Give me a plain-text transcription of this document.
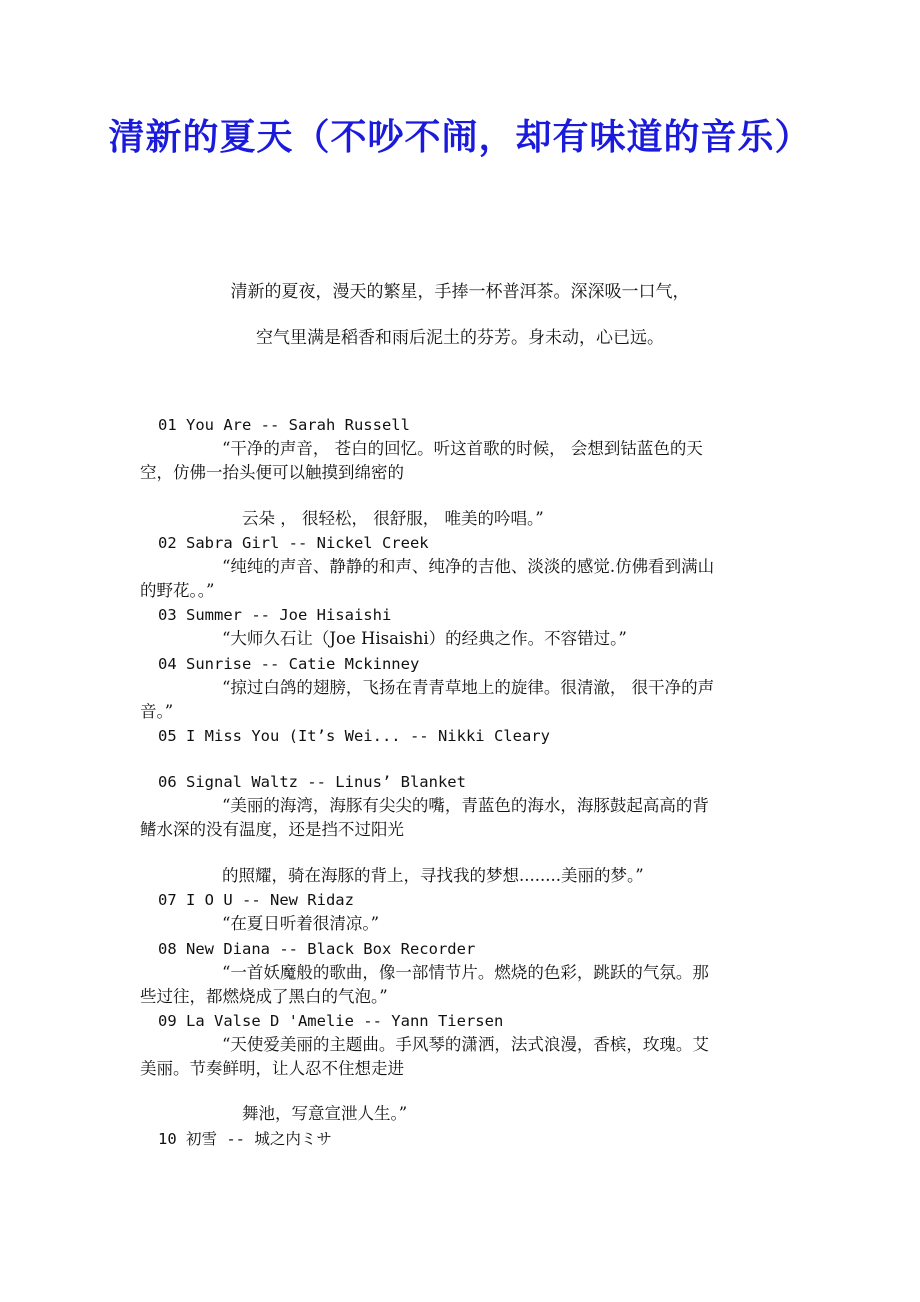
清新的夏天（不吵不闹，却有味道的音乐）
清新的夏夜，漫天的繁星，手捧一杯普洱茶。深深吸一口气，
空气里满是稻香和雨后泥土的芬芳。身未动，心已远。
01 You Are -- Sarah Russell
“干净的声音， 苍白的回忆。听这首歌的时候， 会想到钴蓝色的天
空，仿佛一抬头便可以触摸到绵密的
云朵 ， 很轻松， 很舒服， 唯美的吟唱。”
02 Sabra Girl -- Nickel Creek
“纯纯的声音、静静的和声、纯净的吉他、淡淡的感觉.仿佛看到满山
的野花。。”
03 Summer -- Joe Hisaishi
“大师久石让（Joe Hisaishi）的经典之作。不容错过。”
04 Sunrise -- Catie Mckinney
“掠过白鸽的翅膀，飞扬在青青草地上的旋律。很清澈， 很干净的声
音。”
05 I Miss You (It’s Wei... -- Nikki Cleary
06 Signal Waltz -- Linus’ Blanket
“美丽的海湾，海豚有尖尖的嘴，青蓝色的海水，海豚鼓起高高的背
鳍水深的没有温度，还是挡不过阳光
的照耀，骑在海豚的背上，寻找我的梦想........美丽的梦。”
07 I O U -- New Ridaz
“在夏日听着很清凉。”
08 New Diana -- Black Box Recorder
“一首妖魔般的歌曲，像一部情节片。燃烧的色彩，跳跃的气氛。那
些过往，都燃烧成了黑白的气泡。”
09 La Valse D 'Amelie -- Yann Tiersen
“天使爱美丽的主题曲。手风琴的潇洒，法式浪漫，香槟，玫瑰。艾
美丽。节奏鲜明，让人忍不住想走进
舞池，写意宣泄人生。”
10 初雪 -- 城之内ミサ
